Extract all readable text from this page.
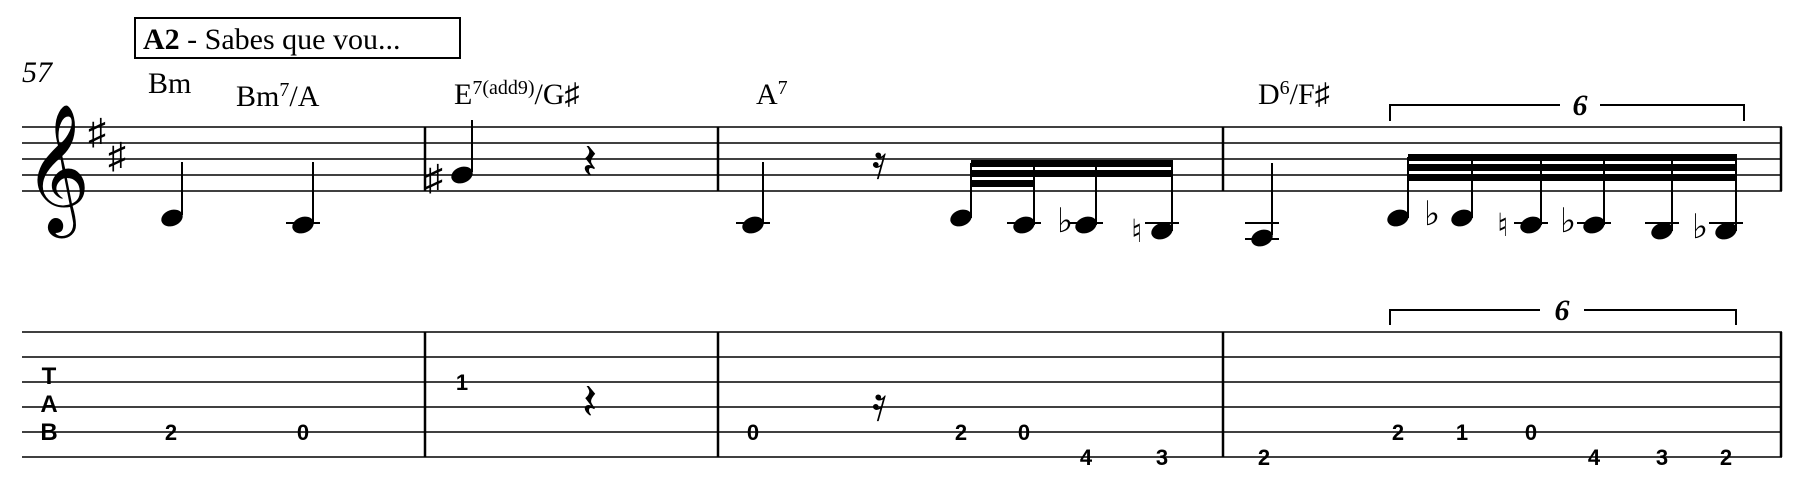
A2 - Sabes que vou...
57	Bm Bm$^7$/A	$E^{7(add9)}/G♯$	$A^7$	$D^6/F♯$
𝄞
♯
♯
♯	𝄽	𝄿
♭ ♮
6
♭ ♮ ♭	♭
T
A
B	2	0
1
0	2 0
4	3	2
2 1	0
4	3 2
𝄽	𝄿
6
